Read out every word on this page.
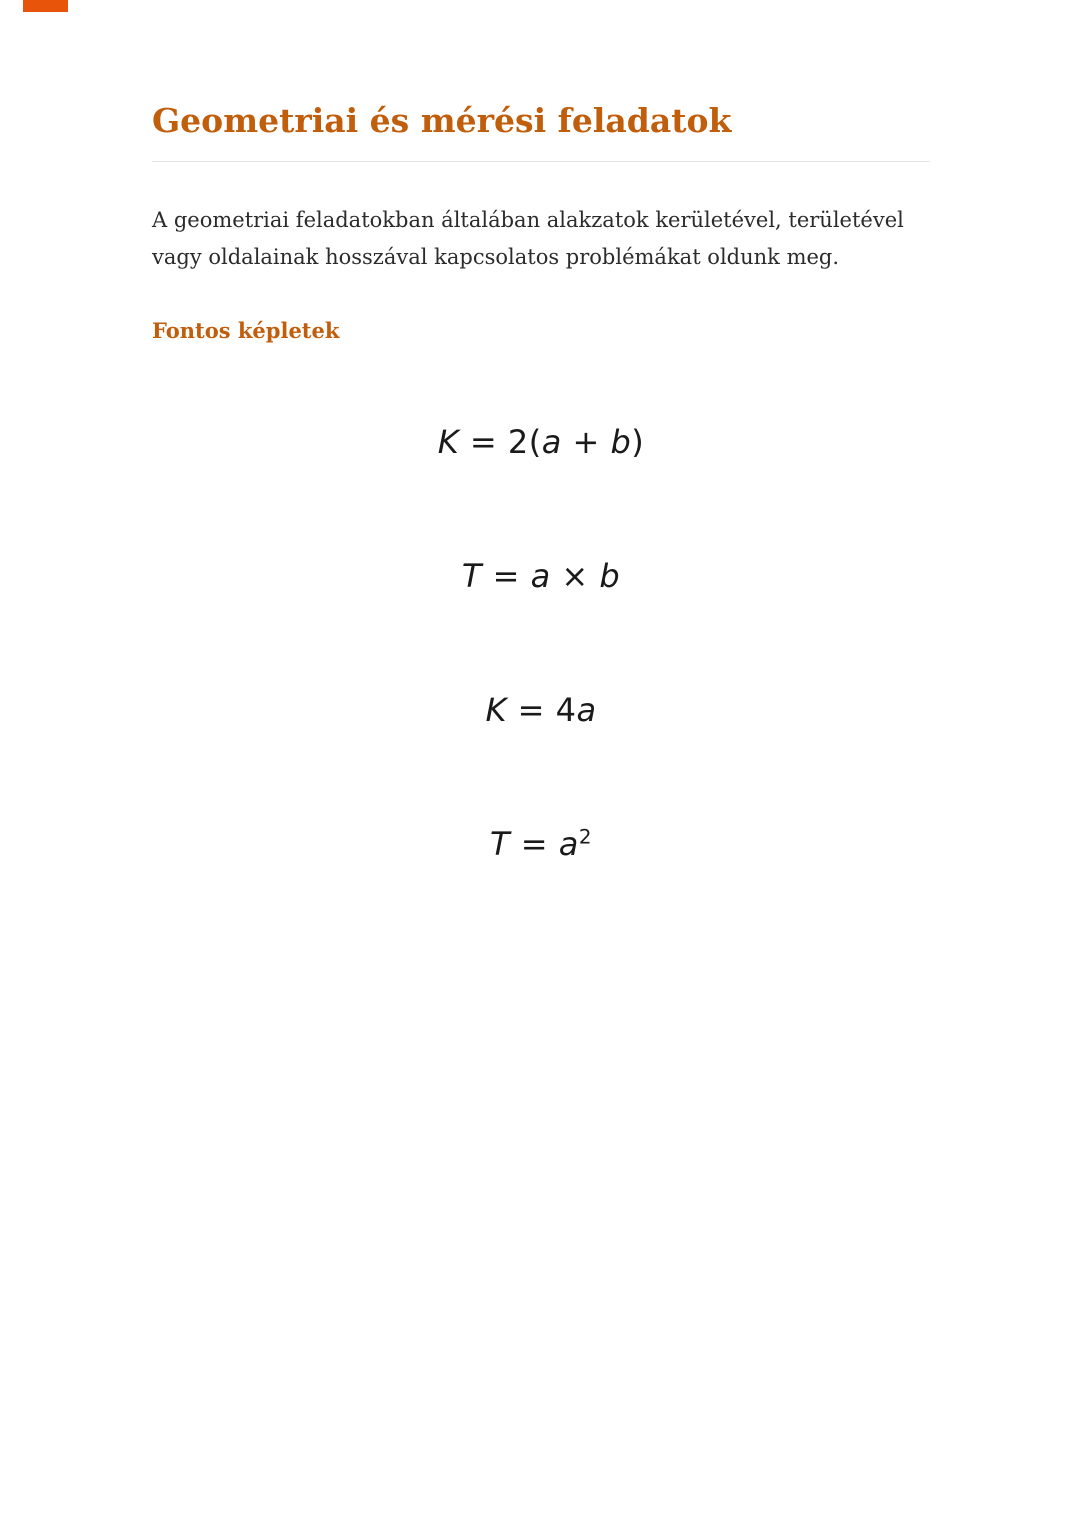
Geometriai és mérési feladatok

A geometriai feladatokban általában alakzatok kerületével, területével vagy oldalainak hosszával kapcsolatos problémákat oldunk meg.

Fontos képletek
K = 2(a + b)
T = a × b
K = 4a
$T = a^2$
